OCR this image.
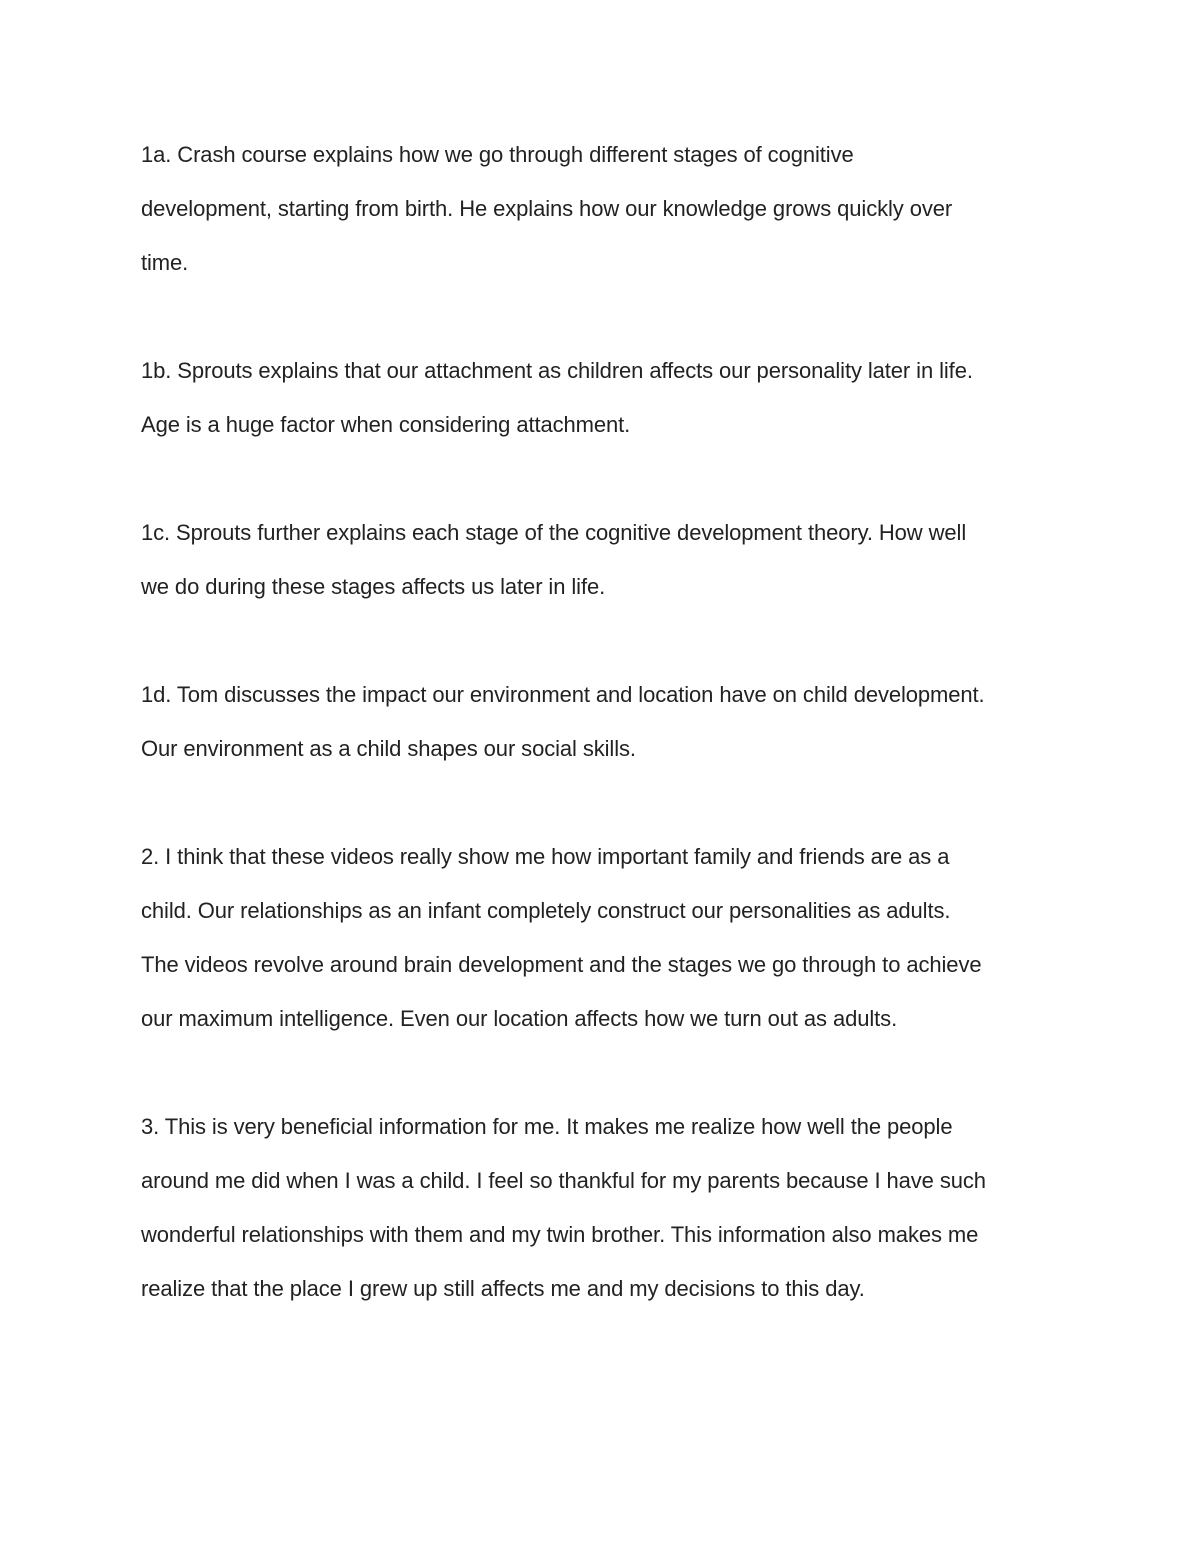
1a. Crash course explains how we go through different stages of cognitive
development, starting from birth. He explains how our knowledge grows quickly over
time.

1b. Sprouts explains that our attachment as children affects our personality later in life.
Age is a huge factor when considering attachment.

1c. Sprouts further explains each stage of the cognitive development theory. How well
we do during these stages affects us later in life.

1d. Tom discusses the impact our environment and location have on child development.
Our environment as a child shapes our social skills.

2. I think that these videos really show me how important family and friends are as a
child. Our relationships as an infant completely construct our personalities as adults.
The videos revolve around brain development and the stages we go through to achieve
our maximum intelligence. Even our location affects how we turn out as adults.

3. This is very beneficial information for me. It makes me realize how well the people
around me did when I was a child. I feel so thankful for my parents because I have such
wonderful relationships with them and my twin brother. This information also makes me
realize that the place I grew up still affects me and my decisions to this day.
